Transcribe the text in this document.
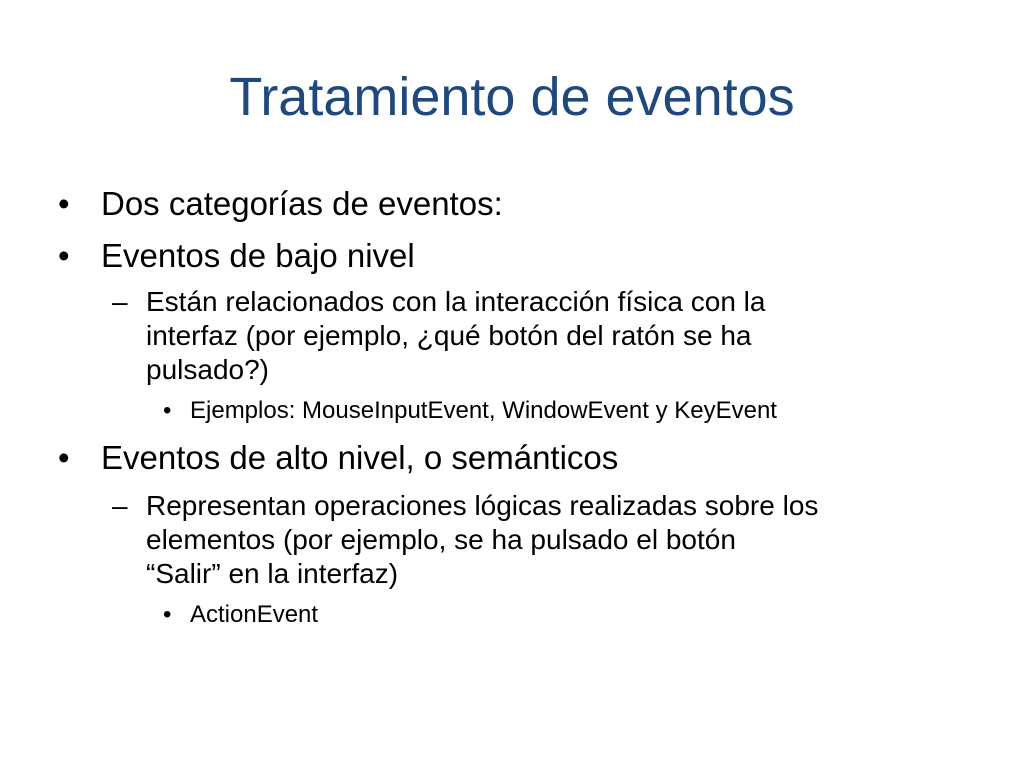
Tratamiento de eventos
• Dos categorías de eventos:
• Eventos de bajo nivel
– Están relacionados con la interacción física con la
interfaz (por ejemplo, ¿qué botón del ratón se ha
pulsado?)
• Ejemplos: MouseInputEvent, WindowEvent y KeyEvent
• Eventos de alto nivel, o semánticos
– Representan operaciones lógicas realizadas sobre los
elementos (por ejemplo, se ha pulsado el botón
“Salir” en la interfaz)
• ActionEvent
